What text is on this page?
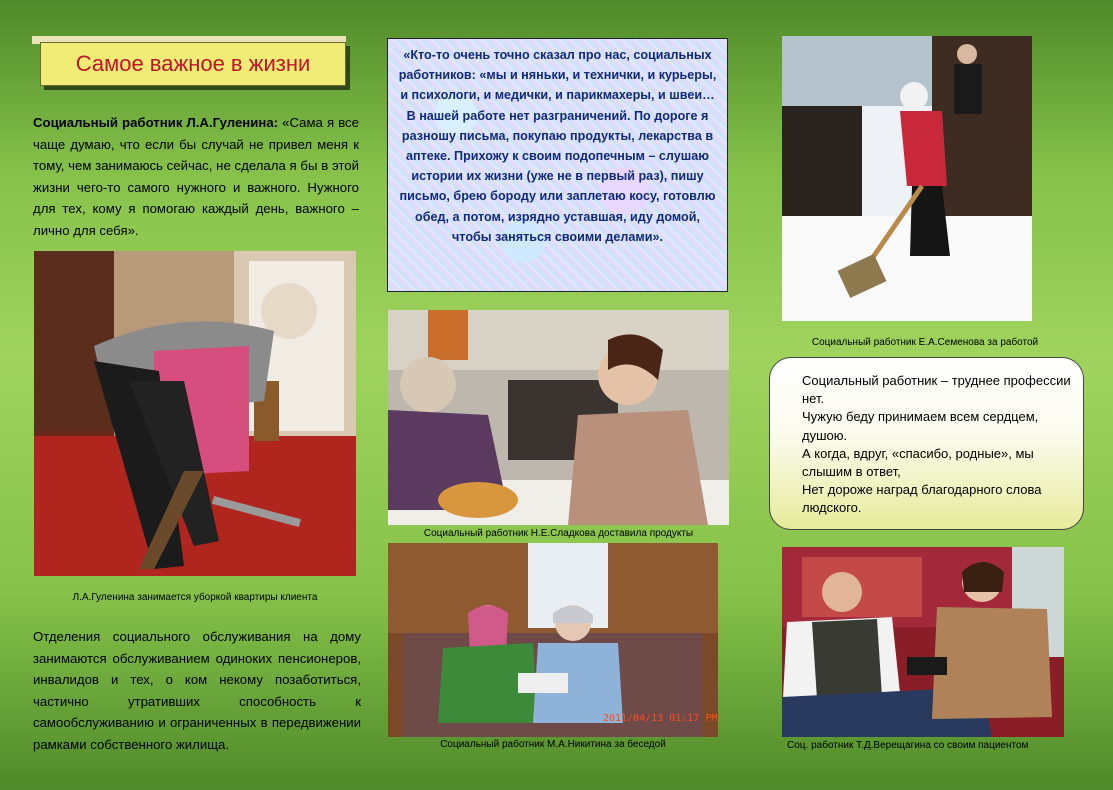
Самое важное в жизни
Социальный работник Л.А.Гуленина: «Сама я все чаще думаю, что если бы случай не привел меня к тому, чем занимаюсь сейчас, не сделала я бы в этой жизни чего-то самого нужного и важного. Нужного для тех, кому я помогаю каждый день, важного – лично для себя».
«Кто-то очень точно сказал про нас, социальных работников: «мы и няньки, и технички, и курьеры, и психологи, и медички, и парикмахеры, и швеи…
В нашей работе нет разграничений. По дороге я разношу письма, покупаю продукты, лекарства в аптеке. Прихожу к своим подопечным – слушаю истории их жизни (уже не в первый раз), пишу письмо, брею бороду или заплетаю косу, готовлю обед, а потом, изрядно уставшая, иду домой, чтобы заняться своими делами».
Л.А.Гуленина занимается уборкой квартиры клиента
Отделения социального обслуживания на дому занимаются обслуживанием одиноких пенсионеров, инвалидов и тех, о ком некому позаботиться, частично утративших способность к самообслуживанию и ограниченных в передвижении рамками собственного жилища.
Социальный работник Н.Е.Сладкова доставила продукты
2011/04/13 01:17 PM
Социальный работник М.А.Никитина за беседой
Социальный работник Е.А.Семенова за работой
Социальный работник – труднее профессии нет.
Чужую беду принимаем всем сердцем, душою.
А когда, вдруг, «спасибо, родные», мы слышим в ответ,
Нет дороже наград благодарного слова людского.
Соц. работник Т.Д.Верещагина со своим пациентом
